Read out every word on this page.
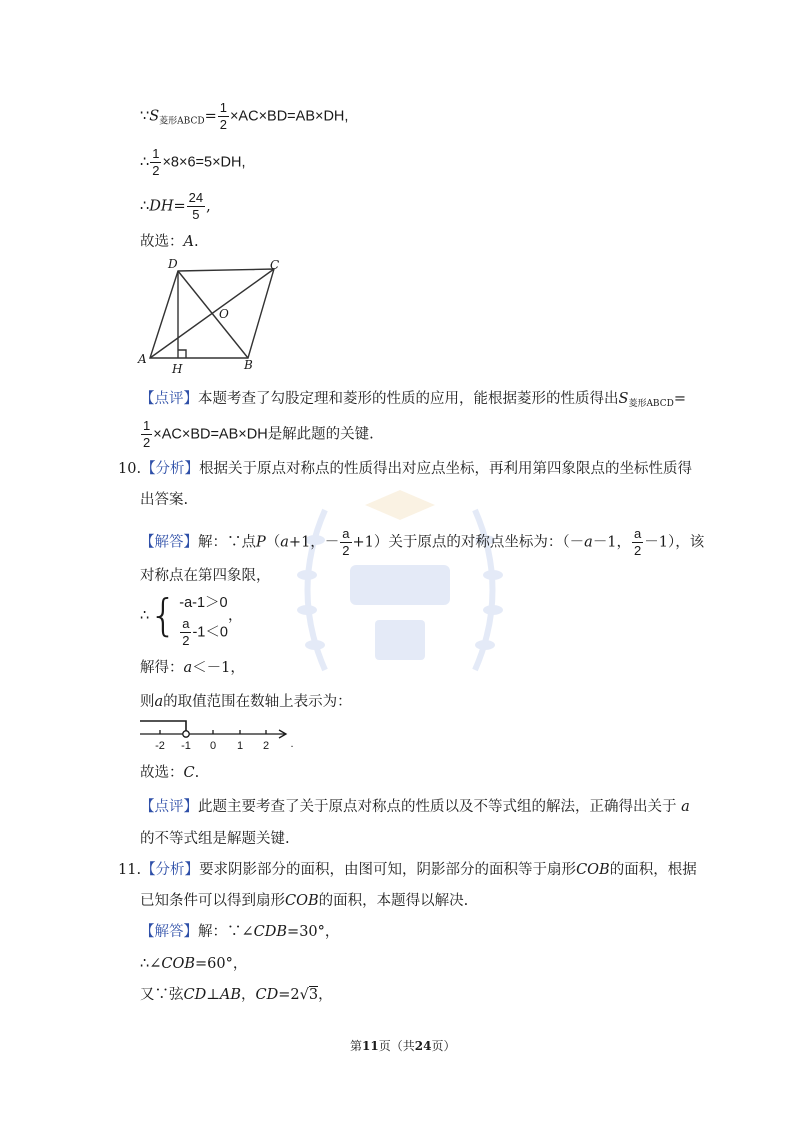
$\because S_{菱形ABCD}= \frac{1}{2} \times AC\times BD=AB\times DH$,
∴ $\frac{1}{2} \times 8\times 6=5\times DH$,
∴DH= $\frac{24}{5}$ ,
故选：A.
D	C
O
A
H	B
【点评】本题考查了勾股定理和菱形的性质的应用，能根据菱形的性质得出$S_{菱形ABCD}=$
$\frac{1}{2} \times AC\times BD=AB\times DH$是解此题的关键.
10.【分析】根据关于原点对称点的性质得出对应点坐标，再利用第四象限点的坐标性质得
出答案.
【解答】解：∵点P（a+1，－ $\frac{a}{2} +1$）关于原点的对称点坐标为：（－a－1， $\frac{a}{2} -1$），该
对称点在第四象限，
∴{ -a-1＞0
$\frac{a}{2} -1<0$
，
解得：a＜－1，
则a的取值范围在数轴上表示为：
-2 -1 0 1 2 .
故选：C.
【点评】此题主要考查了关于原点对称点的性质以及不等式组的解法，正确得出关于 a
的不等式组是解题关键.
11.【分析】要求阴影部分的面积，由图可知，阴影部分的面积等于扇形COB的面积，根据
已知条件可以得到扇形COB的面积，本题得以解决.
【解答】解：∵∠CDB=30°，
∴∠COB=60°，
又∵弦CD⊥AB，CD=2√3，
第11页（共24页）
